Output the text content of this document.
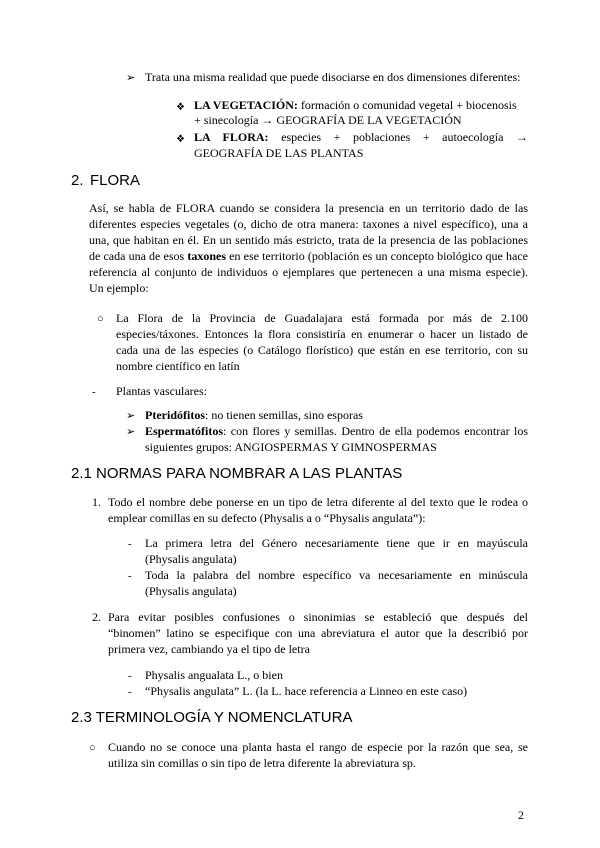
➢ Trata una misma realidad que puede disociarse en dos dimensiones diferentes:
❖ LA VEGETACIÓN: formación o comunidad vegetal + biocenosis
+ sinecología → GEOGRAFÍA DE LA VEGETACIÓN
❖ LA FLORA: especies + poblaciones + autoecología →
GEOGRAFÍA DE LAS PLANTAS
2. FLORA
Así, se habla de FLORA cuando se considera la presencia en un territorio dado de las
diferentes especies vegetales (o, dicho de otra manera: taxones a nivel específico), una a
una, que habitan en él. En un sentido más estricto, trata de la presencia de las poblaciones
de cada una de esos taxones en ese territorio (población es un concepto biológico que hace
referencia al conjunto de individuos o ejemplares que pertenecen a una misma especie).
Un ejemplo:
○ La Flora de la Provincia de Guadalajara está formada por más de 2.100
especies/táxones. Entonces la flora consistiría en enumerar o hacer un listado de
cada una de las especies (o Catálogo florístico) que están en ese territorio, con su
nombre científico en latín
- Plantas vasculares:
➢ Pteridófitos: no tienen semillas, sino esporas
➢ Espermatófitos: con flores y semillas. Dentro de ella podemos encontrar los
siguientes grupos: ANGIOSPERMAS Y GIMNOSPERMAS
2.1 NORMAS PARA NOMBRAR A LAS PLANTAS
1. Todo el nombre debe ponerse en un tipo de letra diferente al del texto que le rodea o
emplear comillas en su defecto (Physalis a o “Physalis angulata”):
- La primera letra del Género necesariamente tiene que ir en mayúscula
(Physalis angulata)
- Toda la palabra del nombre específico va necesariamente en minúscula
(Physalis angulata)
2. Para evitar posibles confusiones o sinonimias se estableció que después del
“binomen” latino se especifique con una abreviatura el autor que la describió por
primera vez, cambiando ya el tipo de letra
- Physalis angualata L., o bien
- “Physalis angulata” L. (la L. hace referencia a Linneo en este caso)
2.3 TERMINOLOGÍA Y NOMENCLATURA
○ Cuando no se conoce una planta hasta el rango de especie por la razón que sea, se
utiliza sin comillas o sin tipo de letra diferente la abreviatura sp.
2
